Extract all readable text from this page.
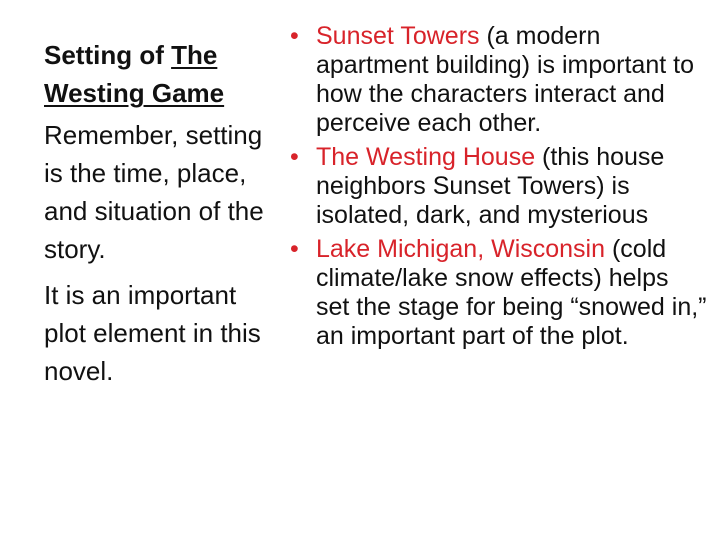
Setting of The
Westing Game

Remember, setting is the time, place, and situation of the story.

It is an important plot element in this novel.

• Sunset Towers (a modern apartment building) is important to how the characters interact and perceive each other.
• The Westing House (this house neighbors Sunset Towers) is isolated, dark, and mysterious
• Lake Michigan, Wisconsin (cold climate/lake snow effects) helps set the stage for being “snowed in,” an important part of the plot.
